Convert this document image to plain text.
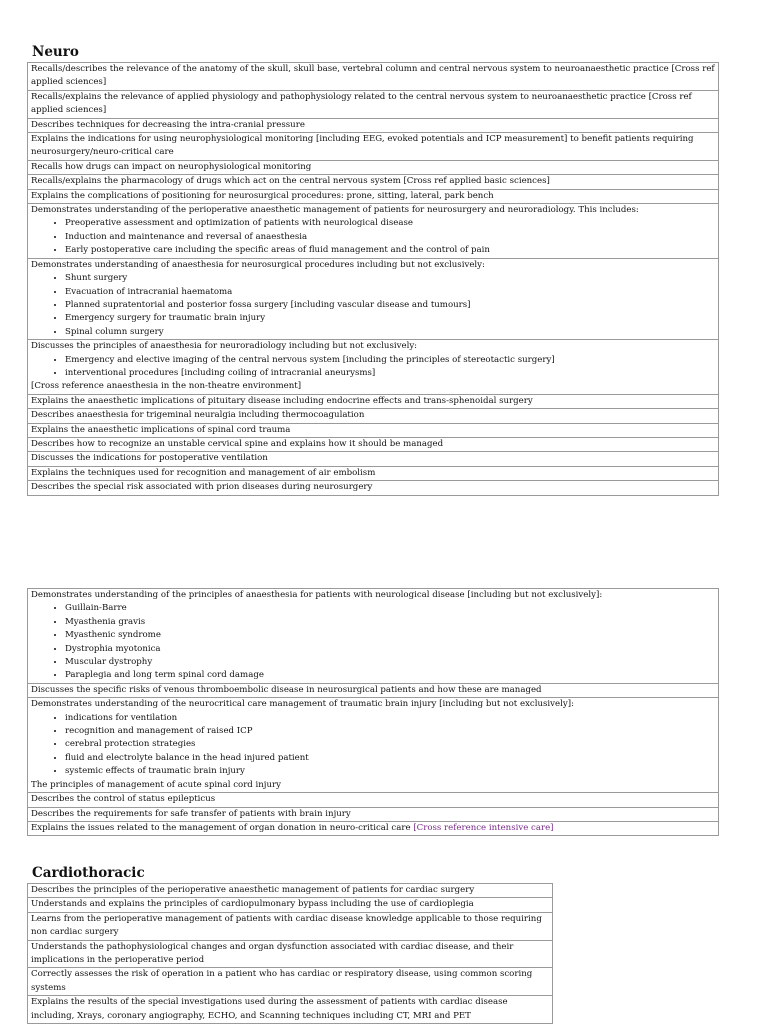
Neuro
Recalls/describes the relevance of the anatomy of the skull, skull base, vertebral column and central nervous system to neuroanaesthetic practice [Cross ref applied sciences]
Recalls/explains the relevance of applied physiology and pathophysiology related to the central nervous system to neuroanaesthetic practice [Cross ref applied sciences]
Describes techniques for decreasing the intra-cranial pressure
Explains the indications for using neurophysiological monitoring [including EEG, evoked potentials and ICP measurement] to benefit patients requiring neurosurgery/neuro-critical care
Recalls how drugs can impact on neurophysiological monitoring
Recalls/explains the pharmacology of drugs which act on the central nervous system [Cross ref applied basic sciences]
Explains the complications of positioning for neurosurgical procedures: prone, sitting, lateral, park bench
Demonstrates understanding of the perioperative anaesthetic management of patients for neurosurgery and neuroradiology. This includes:
• Preoperative assessment and optimization of patients with neurological disease
• Induction and maintenance and reversal of anaesthesia
• Early postoperative care including the specific areas of fluid management and the control of pain

Demonstrates understanding of anaesthesia for neurosurgical procedures including but not exclusively:
• Shunt surgery
• Evacuation of intracranial haematoma
• Planned supratentorial and posterior fossa surgery [including vascular disease and tumours]
• Emergency surgery for traumatic brain injury
• Spinal column surgery

Discusses the principles of anaesthesia for neuroradiology including but not exclusively:
• Emergency and elective imaging of the central nervous system [including the principles of stereotactic surgery]
• interventional procedures [including coiling of intracranial aneurysms]
[Cross reference anaesthesia in the non-theatre environment]

Explains the anaesthetic implications of pituitary disease including endocrine effects and trans-sphenoidal surgery
Describes anaesthesia for trigeminal neuralgia including thermocoagulation
Explains the anaesthetic implications of spinal cord trauma
Describes how to recognize an unstable cervical spine and explains how it should be managed
Discusses the indications for postoperative ventilation
Explains the techniques used for recognition and management of air embolism
Describes the special risk associated with prion diseases during neurosurgery
Demonstrates understanding of the principles of anaesthesia for patients with neurological disease [including but not exclusively]:
• Guillain-Barre
• Myasthenia gravis
• Myasthenic syndrome
• Dystrophia myotonica
• Muscular dystrophy
• Paraplegia and long term spinal cord damage

Discusses the specific risks of venous thromboembolic disease in neurosurgical patients and how these are managed
Demonstrates understanding of the neurocritical care management of traumatic brain injury [including but not exclusively]:
• indications for ventilation
• recognition and management of raised ICP
• cerebral protection strategies
• fluid and electrolyte balance in the head injured patient
• systemic effects of traumatic brain injury
The principles of management of acute spinal cord injury

Describes the control of status epilepticus
Describes the requirements for safe transfer of patients with brain injury
Explains the issues related to the management of organ donation in neuro-critical care [Cross reference intensive care]
Cardiothoracic
Describes the principles of the perioperative anaesthetic management of patients for cardiac surgery
Understands and explains the principles of cardiopulmonary bypass including the use of cardioplegia
Learns from the perioperative management of patients with cardiac disease knowledge applicable to those requiring non cardiac surgery
Understands the pathophysiological changes and organ dysfunction associated with cardiac disease, and their implications in the perioperative period
Correctly assesses the risk of operation in a patient who has cardiac or respiratory disease, using common scoring systems
Explains the results of the special investigations used during the assessment of patients with cardiac disease including, Xrays, coronary angiography, ECHO, and Scanning techniques including CT, MRI and PET
